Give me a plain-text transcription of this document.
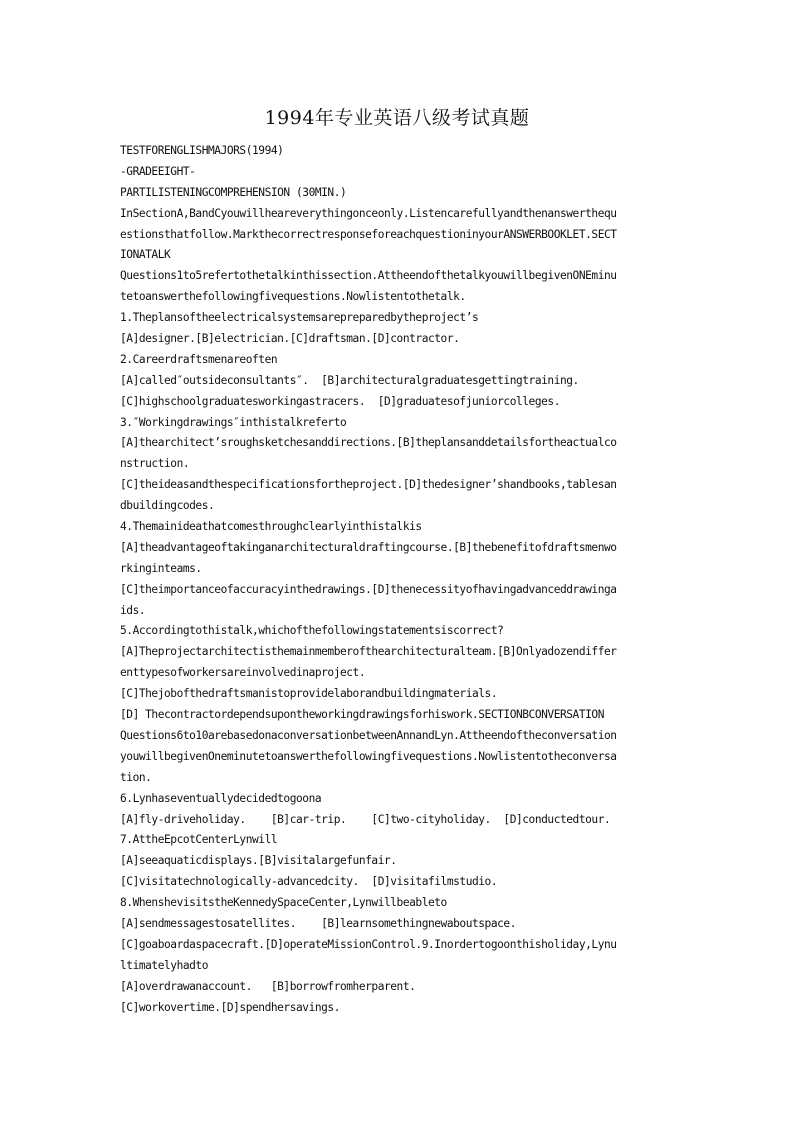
1994年专业英语八级考试真题
TESTFORENGLISHMAJORS(1994)
-GRADEEIGHT-
PARTILISTENINGCOMPREHENSION (30MIN.)
InSectionA,BandCyouwillheareverythingonceonly.Listencarefullyandthenanswerthequ
estionsthatfollow.MarkthecorrectresponseforeachquestioninyourANSWERBOOKLET.SECT
IONATALK
Questions1to5refertothetalkinthissection.AttheendofthetalkyouwillbegivenONEminu
tetoanswerthefollowingfivequestions.Nowlistentothetalk.
1.Theplansoftheelectricalsystemsarepreparedbytheproject’s
[A]designer.[B]electrician.[C]draftsman.[D]contractor.
2.Careerdraftsmenareoften
[A]called″outsideconsultants″.  [B]architecturalgraduatesgettingtraining.
[C]highschoolgraduatesworkingastracers.  [D]graduatesofjuniorcolleges.
3.″Workingdrawings″inthistalkreferto
[A]thearchitect’sroughsketchesanddirections.[B]theplansanddetailsfortheactualco
nstruction.
[C]theideasandthespecificationsfortheproject.[D]thedesigner’shandbooks,tablesan
dbuildingcodes.
4.Themainideathatcomesthroughclearlyinthistalkis
[A]theadvantageoftakinganarchitecturaldraftingcourse.[B]thebenefitofdraftsmenwo
rkinginteams.
[C]theimportanceofaccuracyinthedrawings.[D]thenecessityofhavingadvanceddrawinga
ids.
5.Accordingtothistalk,whichofthefollowingstatementsiscorrect?
[A]Theprojectarchitectisthemainmemberofthearchitecturalteam.[B]Onlyadozendiffer
enttypesofworkersareinvolvedinaproject.
[C]Thejobofthedraftsmanistoprovidelaborandbuildingmaterials.
[D] Thecontractordependsupontheworkingdrawingsforhiswork.SECTIONBCONVERSATION
Questions6to10arebasedonaconversationbetweenAnnandLyn.Attheendoftheconversation
youwillbegivenOneminutetoanswerthefollowingfivequestions.Nowlistentotheconversa
tion.
6.Lynhaseventuallydecidedtogoona
[A]fly-driveholiday.    [B]car-trip.    [C]two-cityholiday.  [D]conductedtour.
7.AttheEpcotCenterLynwill
[A]seeaquaticdisplays.[B]visitalargefunfair.
[C]visitatechnologically-advancedcity.  [D]visitafilmstudio.
8.WhenshevisitstheKennedySpaceCenter,Lynwillbeableto
[A]sendmessagestosatellites.    [B]learnsomethingnewaboutspace.
[C]goaboardaspacecraft.[D]operateMissionControl.9.Inordertogoonthisholiday,Lynu
ltimatelyhadto
[A]overdrawanaccount.   [B]borrowfromherparent.
[C]workovertime.[D]spendhersavings.
